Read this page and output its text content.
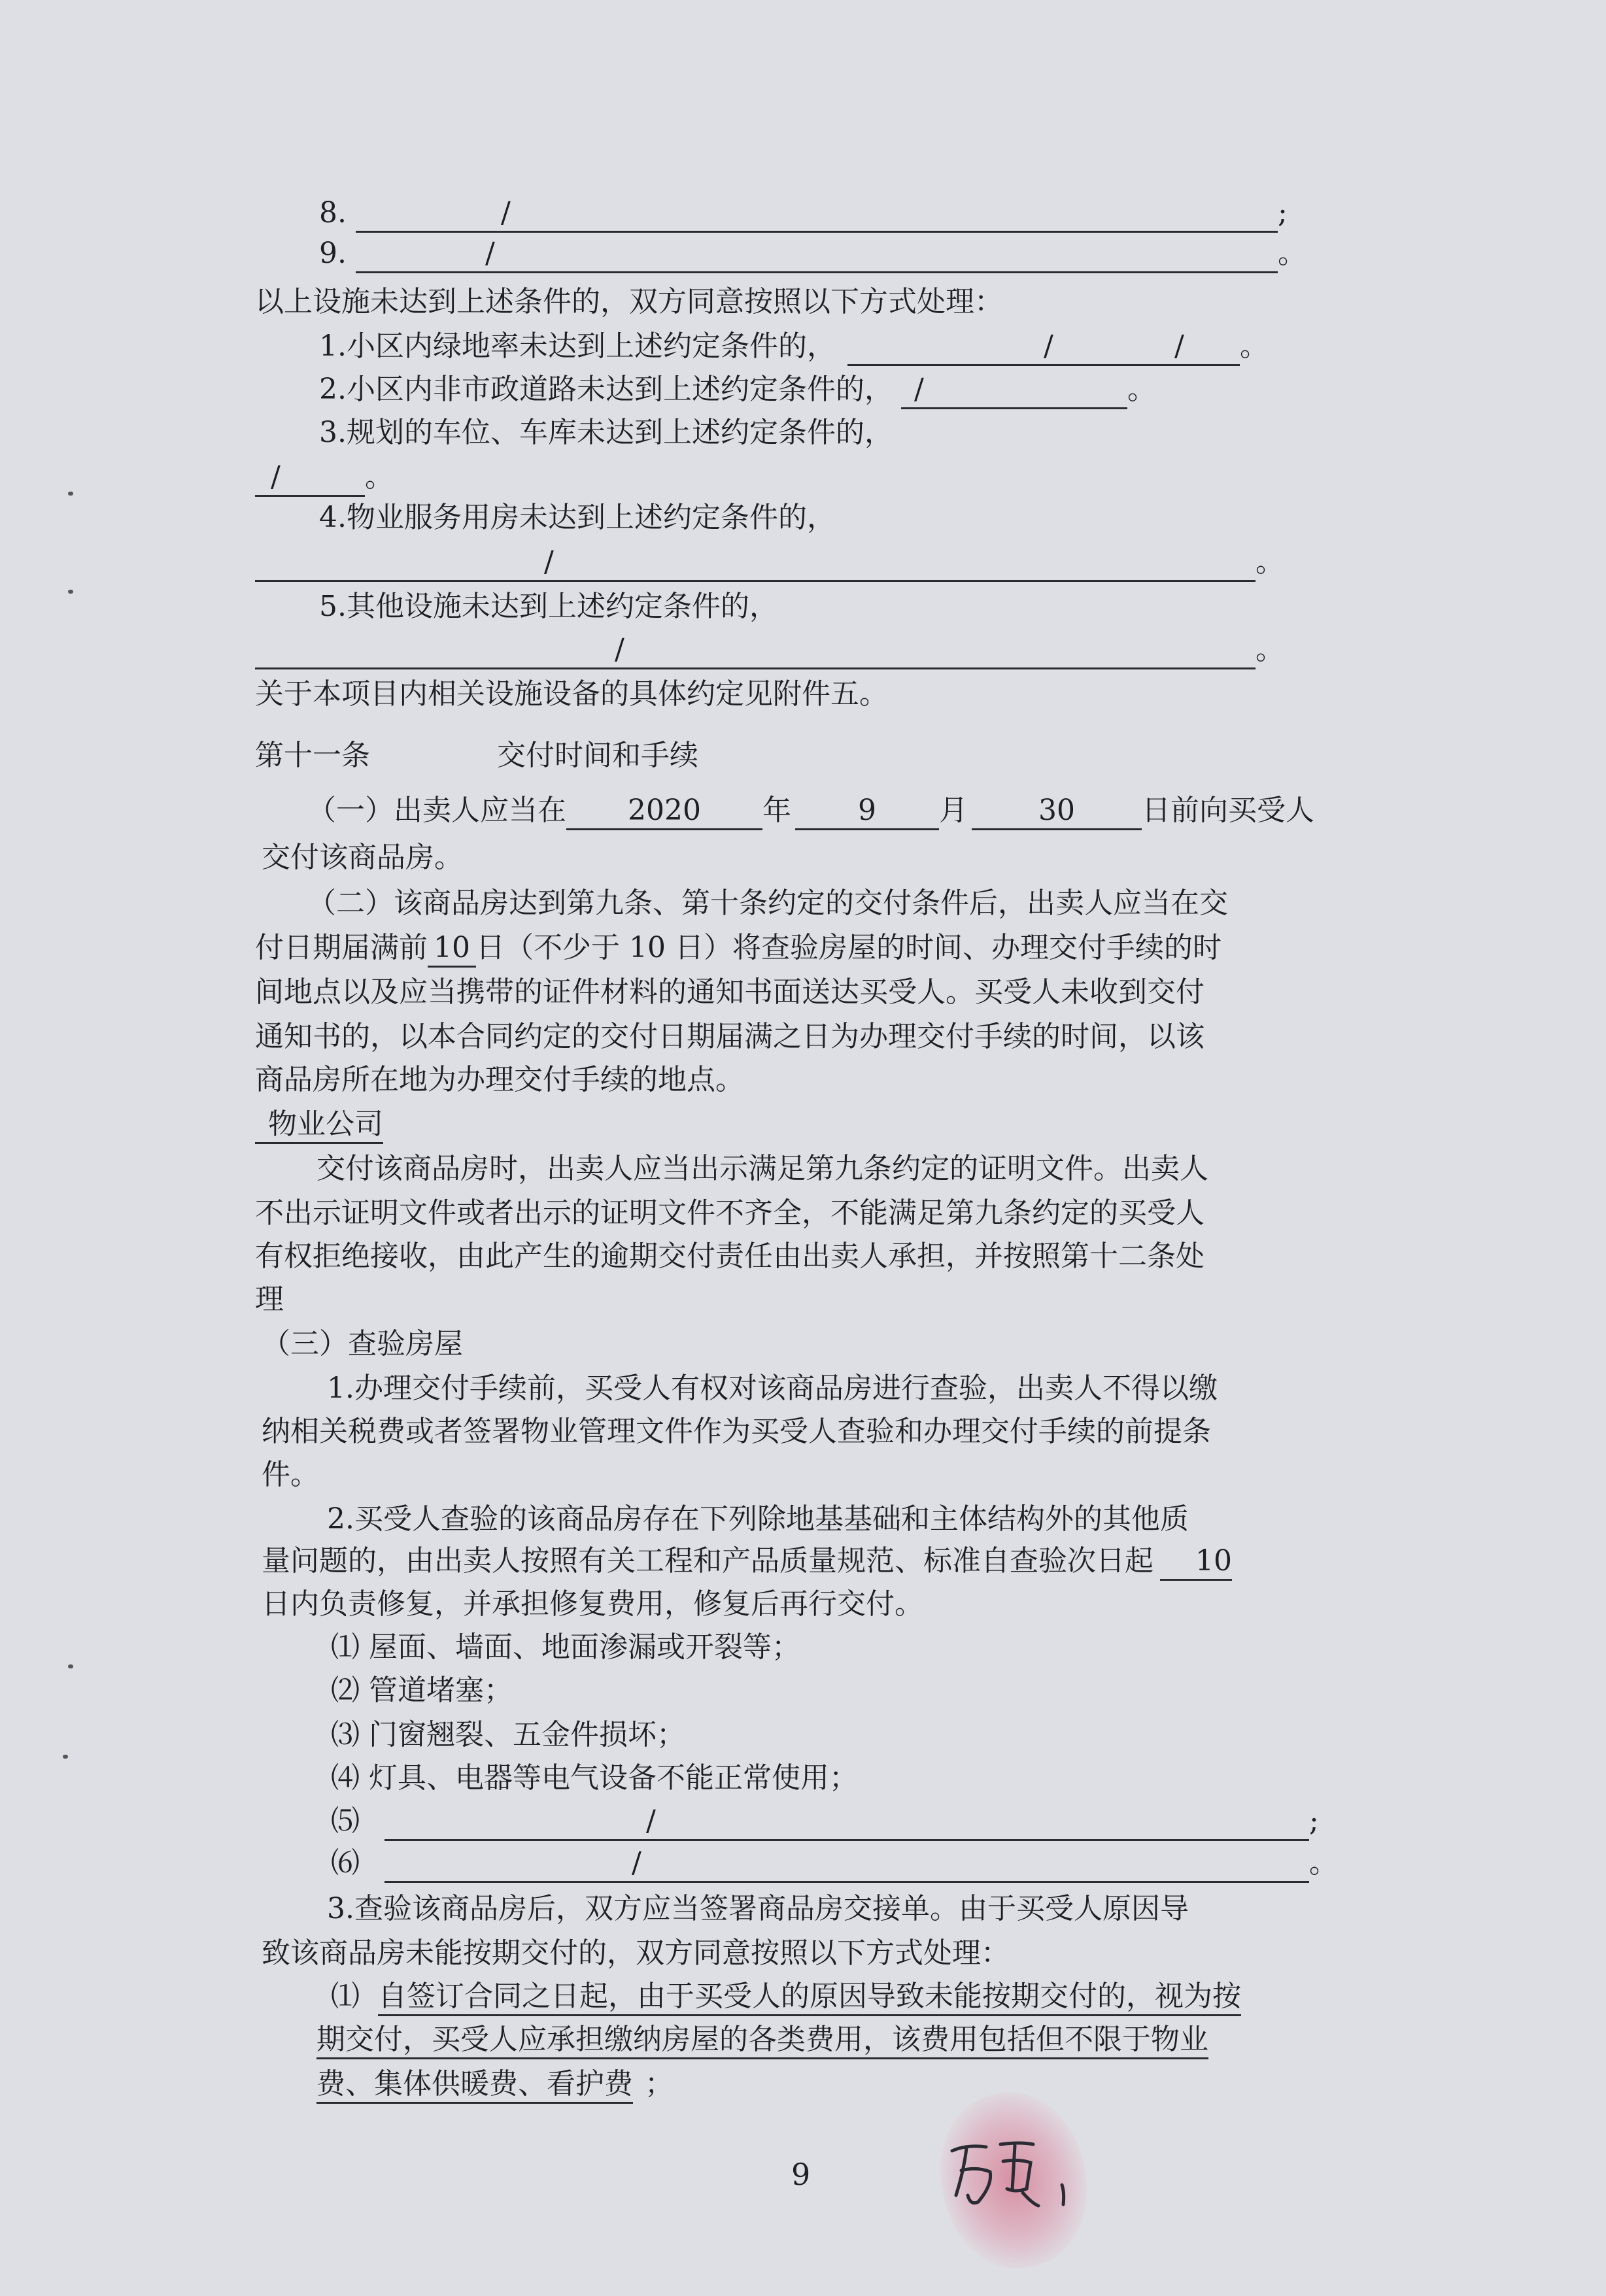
8.	/	;
9.	/	。
以上设施未达到上述条件的，双方同意按照以下方式处理：
1.小区内绿地率未达到上述约定条件的，	/	/ 。
2.小区内非市政道路未达到上述约定条件的， /	。
3.规划的车位、车库未达到上述约定条件的，
/	。
4.物业服务用房未达到上述约定条件的，
/	。
5.其他设施未达到上述约定条件的，
/	。
关于本项目内相关设施设备的具体约定见附件五。
第十一条	交付时间和手续
（一）出卖人应当在	2020	年	9	月	30	日前向买受人
交付该商品房。
（二）该商品房达到第九条、第十条约定的交付条件后，出卖人应当在交
付日期届满前 10 日（不少于 10 日）将查验房屋的时间、办理交付手续的时
间地点以及应当携带的证件材料的通知书面送达买受人。买受人未收到交付
通知书的，以本合同约定的交付日期届满之日为办理交付手续的时间，以该
商品房所在地为办理交付手续的地点。
物业公司
交付该商品房时，出卖人应当出示满足第九条约定的证明文件。出卖人
不出示证明文件或者出示的证明文件不齐全，不能满足第九条约定的买受人
有权拒绝接收，由此产生的逾期交付责任由出卖人承担，并按照第十二条处
理
（三）查验房屋
1.办理交付手续前，买受人有权对该商品房进行查验，出卖人不得以缴
纳相关税费或者签署物业管理文件作为买受人查验和办理交付手续的前提条
件。
2.买受人查验的该商品房存在下列除地基基础和主体结构外的其他质
量问题的，由出卖人按照有关工程和产品质量规范、标准自查验次日起	10
日内负责修复，并承担修复费用，修复后再行交付。
⑴ 屋面、墙面、地面渗漏或开裂等；
⑵ 管道堵塞；
⑶ 门窗翘裂、五金件损坏；
⑷ 灯具、电器等电气设备不能正常使用；
⑸	/	;
⑹	/	。
3.查验该商品房后，双方应当签署商品房交接单。由于买受人原因导
致该商品房未能按期交付的，双方同意按照以下方式处理：
⑴ 自签订合同之日起，由于买受人的原因导致未能按期交付的，视为按
期交付，买受人应承担缴纳房屋的各类费用，该费用包括但不限于物业
费、集体供暖费、看护费 ；
9
